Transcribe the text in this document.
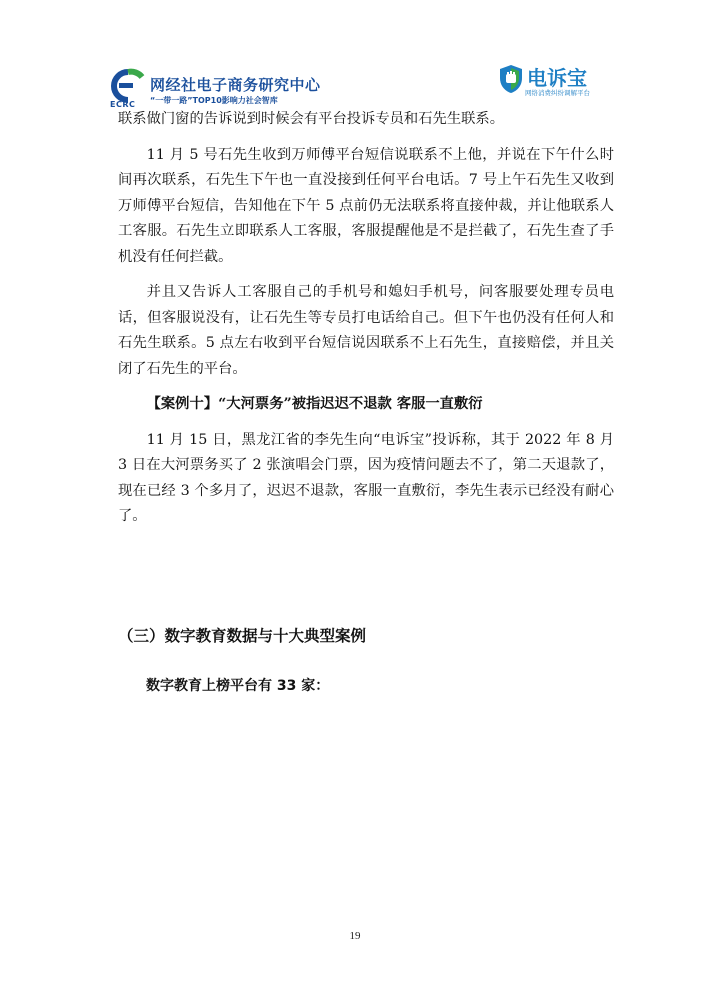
网经社电子商务研究中心
“一带一路”TOP10影响力社会智库
ECRC
电诉宝
网络消费纠纷调解平台

联系做门窗的告诉说到时候会有平台投诉专员和石先生联系。

11 月 5 号石先生收到万师傅平台短信说联系不上他，并说在下午什么时间再次联系，石先生下午也一直没接到任何平台电话。7 号上午石先生又收到万师傅平台短信，告知他在下午 5 点前仍无法联系将直接仲裁，并让他联系人工客服。石先生立即联系人工客服，客服提醒他是不是拦截了，石先生查了手机没有任何拦截。

并且又告诉人工客服自己的手机号和媳妇手机号，问客服要处理专员电话，但客服说没有，让石先生等专员打电话给自己。但下午也仍没有任何人和石先生联系。5 点左右收到平台短信说因联系不上石先生，直接赔偿，并且关闭了石先生的平台。

【案例十】“大河票务”被指迟迟不退款 客服一直敷衍

11 月 15 日，黑龙江省的李先生向“电诉宝”投诉称，其于 2022 年 8 月 3 日在大河票务买了 2 张演唱会门票，因为疫情问题去不了，第二天退款了，现在已经 3 个多月了，迟迟不退款，客服一直敷衍，李先生表示已经没有耐心了。

（三）数字教育数据与十大典型案例
数字教育上榜平台有 33 家：
19
